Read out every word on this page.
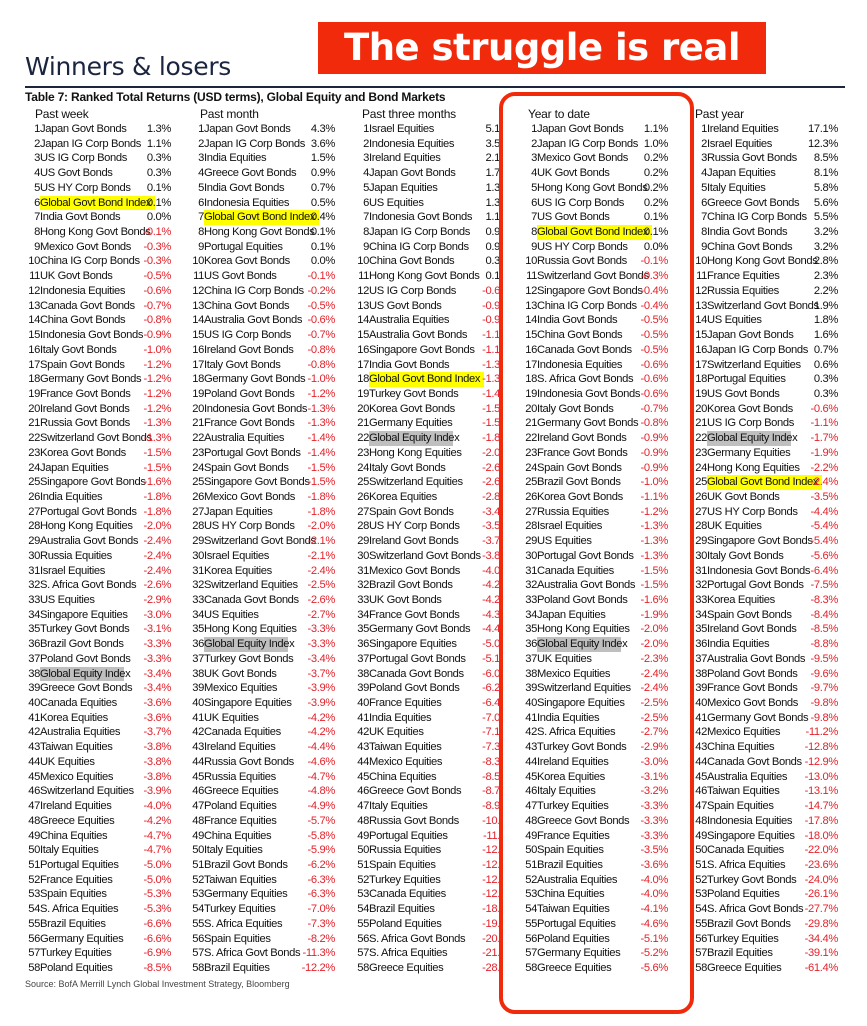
The struggle is real
Winners & losers
Table 7: Ranked Total Returns (USD terms), Global Equity and Bond Markets
Past week	Past month	Past three months	Year to date	Past year
1 Japan Govt Bonds 1.3%
2 Japan IG Corp Bonds 1.1%
3 US IG Corp Bonds 0.3%
4 US Govt Bonds	0.3%
5 US HY Corp Bonds 0.1%
6 Global Govt Bond Index
0.1%
7 India Govt Bonds 0.0%
8 Hong Kong Govt Bonds
-0.1%
9 Mexico Govt Bonds -0.3%
10 China IG Corp Bonds -0.3%
11 UK Govt Bonds	-0.5%
12 Indonesia Equities -0.6%
13 Canada Govt Bonds -0.7%
14 China Govt Bonds -0.8%
15 Indonesia Govt Bonds -0.9%
16 Italy Govt Bonds -1.0%
17 Spain Govt Bonds -1.2%
18 Germany Govt Bonds -1.2%
19 France Govt Bonds -1.2%
20 Ireland Govt Bonds -1.2%
21 Russia Govt Bonds -1.3%
22 Switzerland Govt Bonds
-1.3%
23 Korea Govt Bonds -1.5%
24 Japan Equities	-1.5%
25 Singapore Govt Bonds
-1.6%
26 India Equities	-1.8%
27 Portugal Govt Bonds -1.8%
28 Hong Kong Equities -2.0%
29 Australia Govt Bonds -2.4%
30 Russia Equities	-2.4%
31 Israel Equities	-2.4%
32 S. Africa Govt Bonds -2.6%
33 US Equities	-2.9%
34 Singapore Equities -3.0%
35 Turkey Govt Bonds -3.1%
36 Brazil Govt Bonds -3.3%
37 Poland Govt Bonds -3.3%
38 Global Equity Index -3.4%
39 Greece Govt Bonds -3.4%
40 Canada Equities -3.6%
41 Korea Equities	-3.6%
42 Australia Equities -3.7%
43 Taiwan Equities	-3.8%
44 UK Equities	-3.8%
45 Mexico Equities	-3.8%
46 Switzerland Equities -3.9%
47 Ireland Equities	-4.0%
48 Greece Equities	-4.2%
49 China Equities	-4.7%
50 Italy Equities	-4.7%
51 Portugal Equities -5.0%
52 France Equities	-5.0%
53 Spain Equities	-5.3%
54 S. Africa Equities -5.3%
55 Brazil Equities	-6.6%
56 Germany Equities -6.6%
57 Turkey Equities	-6.9%
58 Poland Equities	-8.5%
1 Japan Govt Bonds 4.3%
2 Japan IG Corp Bonds 3.6%
3 India Equities	1.5%
4 Greece Govt Bonds 0.9%
5 India Govt Bonds 0.7%
6 Indonesia Equities 0.5%
7 Global Govt Bond Index
0.4%
8 Hong Kong Govt Bonds
0.1%
9 Portugal Equities	0.1%
10 Korea Govt Bonds 0.0%
11 US Govt Bonds	-0.1%
12 China IG Corp Bonds -0.2%
13 China Govt Bonds -0.5%
14 Australia Govt Bonds -0.6%
15 US IG Corp Bonds -0.7%
16 Ireland Govt Bonds -0.8%
17 Italy Govt Bonds -0.8%
18 Germany Govt Bonds -1.0%
19 Poland Govt Bonds -1.2%
20 Indonesia Govt Bonds -1.3%
21 France Govt Bonds -1.3%
22 Australia Equities -1.4%
23 Portugal Govt Bonds -1.4%
24 Spain Govt Bonds -1.5%
25 Singapore Govt Bonds
-1.5%
26 Mexico Govt Bonds -1.8%
27 Japan Equities	-1.8%
28 US HY Corp Bonds -2.0%
29 Switzerland Govt Bonds
-2.1%
30 Israel Equities	-2.1%
31 Korea Equities	-2.4%
32 Switzerland Equities -2.5%
33 Canada Govt Bonds -2.6%
34 US Equities	-2.7%
35 Hong Kong Equities -3.3%
36 Global Equity Index -3.3%
37 Turkey Govt Bonds -3.4%
38 UK Govt Bonds	-3.7%
39 Mexico Equities	-3.9%
40 Singapore Equities -3.9%
41 UK Equities	-4.2%
42 Canada Equities -4.2%
43 Ireland Equities	-4.4%
44 Russia Govt Bonds -4.6%
45 Russia Equities	-4.7%
46 Greece Equities	-4.8%
47 Poland Equities	-4.9%
48 France Equities	-5.7%
49 China Equities	-5.8%
50 Italy Equities	-5.9%
51 Brazil Govt Bonds -6.2%
52 Taiwan Equities	-6.3%
53 Germany Equities -6.3%
54 Turkey Equities	-7.0%
55 S. Africa Equities -7.3%
56 Spain Equities	-8.2%
57 S. Africa Govt Bonds -11.3%
58 Brazil Equities	-12.2%
1 Israel Equities	5.1
2 Indonesia Equities	3.5
3 Ireland Equities	2.1
4 Japan Govt Bonds	1.7
5 Japan Equities	1.3
6 US Equities	1.3
7 Indonesia Govt Bonds 1.1
8 Japan IG Corp Bonds 0.9
9 China IG Corp Bonds 0.9
10 China Govt Bonds	0.3
11 Hong Kong Govt Bonds 0.1
12 US IG Corp Bonds -0.6
13 US Govt Bonds	-0.9
14 Australia Equities	-0.9
15 Australia Govt Bonds -1.1
16 Singapore Govt Bonds -1.1
17 India Govt Bonds	-1.3
18 Global Govt Bond Index -1.3
19 Turkey Govt Bonds -1.4
20 Korea Govt Bonds -1.5
21 Germany Equities	-1.5
22 Global Equity Index -1.8
23 Hong Kong Equities -2.0
24 Italy Govt Bonds	-2.6
25 Switzerland Equities -2.6
26 Korea Equities	-2.8
27 Spain Govt Bonds	-3.4
28 US HY Corp Bonds -3.5
29 Ireland Govt Bonds -3.7
30 Switzerland Govt Bonds -3.8
31 Mexico Govt Bonds -4.0
32 Brazil Govt Bonds	-4.2
33 UK Govt Bonds	-4.2
34 France Govt Bonds -4.3
35 Germany Govt Bonds -4.4
36 Singapore Equities -5.0
37 Portugal Govt Bonds -5.1
38 Canada Govt Bonds -6.0
39 Poland Govt Bonds -6.2
40 France Equities	-6.4
41 India Equities	-7.0
42 UK Equities	-7.1
43 Taiwan Equities	-7.3
44 Mexico Equities	-8.3
45 China Equities	-8.5
46 Greece Govt Bonds -8.7
47 Italy Equities	-8.9
48 Russia Govt Bonds -10.
49 Portugal Equities	-11.
50 Russia Equities	-12.
51 Spain Equities	-12.
52 Turkey Equities	-12.
53 Canada Equities	-12.
54 Brazil Equities	-18.
55 Poland Equities	-19.
56 S. Africa Govt Bonds -20.
57 S. Africa Equities	-21.
58 Greece Equities	-28.
1 Japan Govt Bonds 1.1%
2 Japan IG Corp Bonds 1.0%
3 Mexico Govt Bonds 0.2%
4 UK Govt Bonds	0.2%
5 Hong Kong Govt Bonds
0.2%
6 US IG Corp Bonds 0.2%
7 US Govt Bonds	0.1%
8 Global Govt Bond Index
0.1%
9 US HY Corp Bonds 0.0%
10 Russia Govt Bonds -0.1%
11 Switzerland Govt Bonds
-0.3%
12 Singapore Govt Bonds
-0.4%
13 China IG Corp Bonds -0.4%
14 India Govt Bonds -0.5%
15 China Govt Bonds -0.5%
16 Canada Govt Bonds -0.5%
17 Indonesia Equities -0.6%
18 S. Africa Govt Bonds -0.6%
19 Indonesia Govt Bonds -0.6%
20 Italy Govt Bonds -0.7%
21 Germany Govt Bonds -0.8%
22 Ireland Govt Bonds -0.9%
23 France Govt Bonds -0.9%
24 Spain Govt Bonds -0.9%
25 Brazil Govt Bonds -1.0%
26 Korea Govt Bonds -1.1%
27 Russia Equities	-1.2%
28 Israel Equities	-1.3%
29 US Equities	-1.3%
30 Portugal Govt Bonds -1.3%
31 Canada Equities -1.5%
32 Australia Govt Bonds -1.5%
33 Poland Govt Bonds -1.6%
34 Japan Equities	-1.9%
35 Hong Kong Equities -2.0%
36 Global Equity Index -2.0%
37 UK Equities	-2.3%
38 Mexico Equities	-2.4%
39 Switzerland Equities -2.4%
40 Singapore Equities -2.5%
41 India Equities	-2.5%
42 S. Africa Equities -2.7%
43 Turkey Govt Bonds -2.9%
44 Ireland Equities	-3.0%
45 Korea Equities	-3.1%
46 Italy Equities	-3.2%
47 Turkey Equities	-3.3%
48 Greece Govt Bonds -3.3%
49 France Equities	-3.3%
50 Spain Equities	-3.5%
51 Brazil Equities	-3.6%
52 Australia Equities -4.0%
53 China Equities	-4.0%
54 Taiwan Equities	-4.1%
55 Portugal Equities -4.6%
56 Poland Equities	-5.1%
57 Germany Equities -5.2%
58 Greece Equities	-5.6%
1 Ireland Equities	17.1%
2 Israel Equities	12.3%
3 Russia Govt Bonds 8.5%
4 Japan Equities	8.1%
5 Italy Equities	5.8%
6 Greece Govt Bonds 5.6%
7 China IG Corp Bonds 5.5%
8 India Govt Bonds 3.2%
9 China Govt Bonds 3.2%
10 Hong Kong Govt Bonds
2.8%
11 France Equities	2.3%
12 Russia Equities	2.2%
13 Switzerland Govt Bonds
1.9%
14 US Equities	1.8%
15 Japan Govt Bonds 1.6%
16 Japan IG Corp Bonds 0.7%
17 Switzerland Equities 0.6%
18 Portugal Equities	0.3%
19 US Govt Bonds	0.3%
20 Korea Govt Bonds -0.6%
21 US IG Corp Bonds -1.1%
22 Global Equity Index -1.7%
23 Germany Equities -1.9%
24 Hong Kong Equities -2.2%
25 Global Govt Bond Index
-2.4%
26 UK Govt Bonds	-3.5%
27 US HY Corp Bonds -4.4%
28 UK Equities	-5.4%
29 Singapore Govt Bonds
-5.4%
30 Italy Govt Bonds -5.6%
31 Indonesia Govt Bonds -6.4%
32 Portugal Govt Bonds -7.5%
33 Korea Equities	-8.3%
34 Spain Govt Bonds -8.4%
35 Ireland Govt Bonds -8.5%
36 India Equities	-8.8%
37 Australia Govt Bonds -9.5%
38 Poland Govt Bonds -9.6%
39 France Govt Bonds -9.7%
40 Mexico Govt Bonds -9.8%
41 Germany Govt Bonds -9.8%
42 Mexico Equities -11.2%
43 China Equities	-12.8%
44 Canada Govt Bonds -12.9%
45 Australia Equities -13.0%
46 Taiwan Equities -13.1%
47 Spain Equities	-14.7%
48 Indonesia Equities -17.8%
49 Singapore Equities -18.0%
50 Canada Equities -22.0%
51 S. Africa Equities -23.6%
52 Turkey Govt Bonds -24.0%
53 Poland Equities -26.1%
54 S. Africa Govt Bonds -27.7%
55 Brazil Govt Bonds -29.8%
56 Turkey Equities -34.4%
57 Brazil Equities	-39.1%
58 Greece Equities -61.4%
Source: BofA Merrill Lynch Global Investment Strategy, Bloomberg
